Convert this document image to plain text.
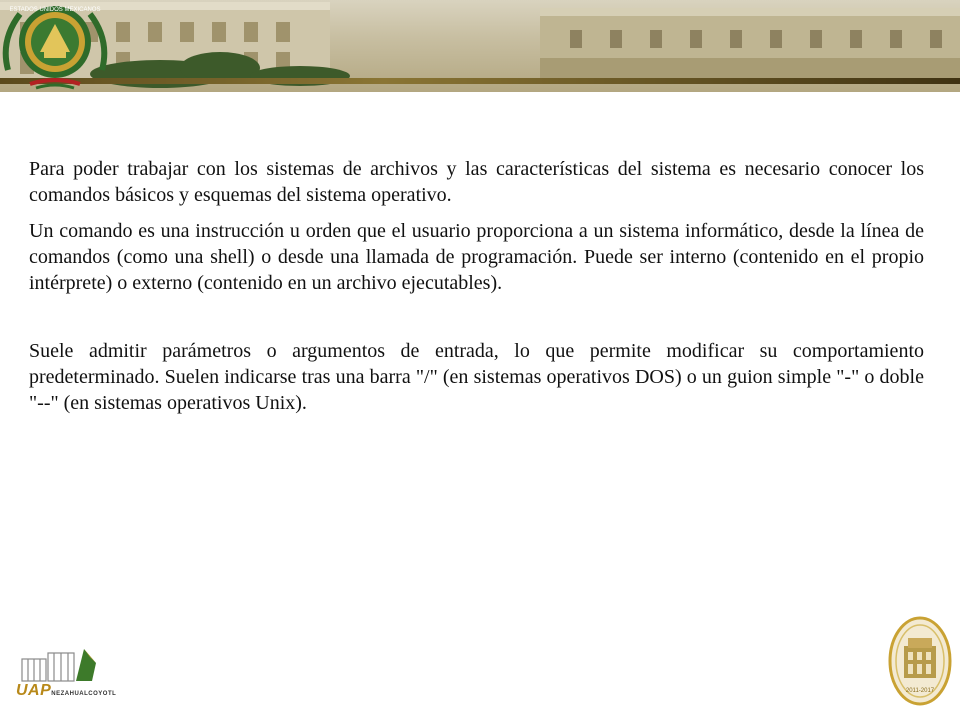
ESTADOS UNIDOS MEXICANOS

Para poder trabajar con los sistemas de archivos y las características del sistema es necesario conocer los comandos básicos y esquemas del sistema operativo.

Un comando es una instrucción u orden que el usuario proporciona a un sistema informático, desde la línea de comandos (como una shell) o desde una llamada de programación. Puede ser interno (contenido en el propio intérprete) o externo (contenido en un archivo ejecutables).

Suele admitir parámetros o argumentos de entrada, lo que permite modificar su comportamiento predeterminado. Suelen indicarse tras una barra "/" (en sistemas operativos DOS) o un guion simple "-" o doble "--" (en sistemas operativos Unix).

UAPNEZAHUALCOYOTL	2011-2017
